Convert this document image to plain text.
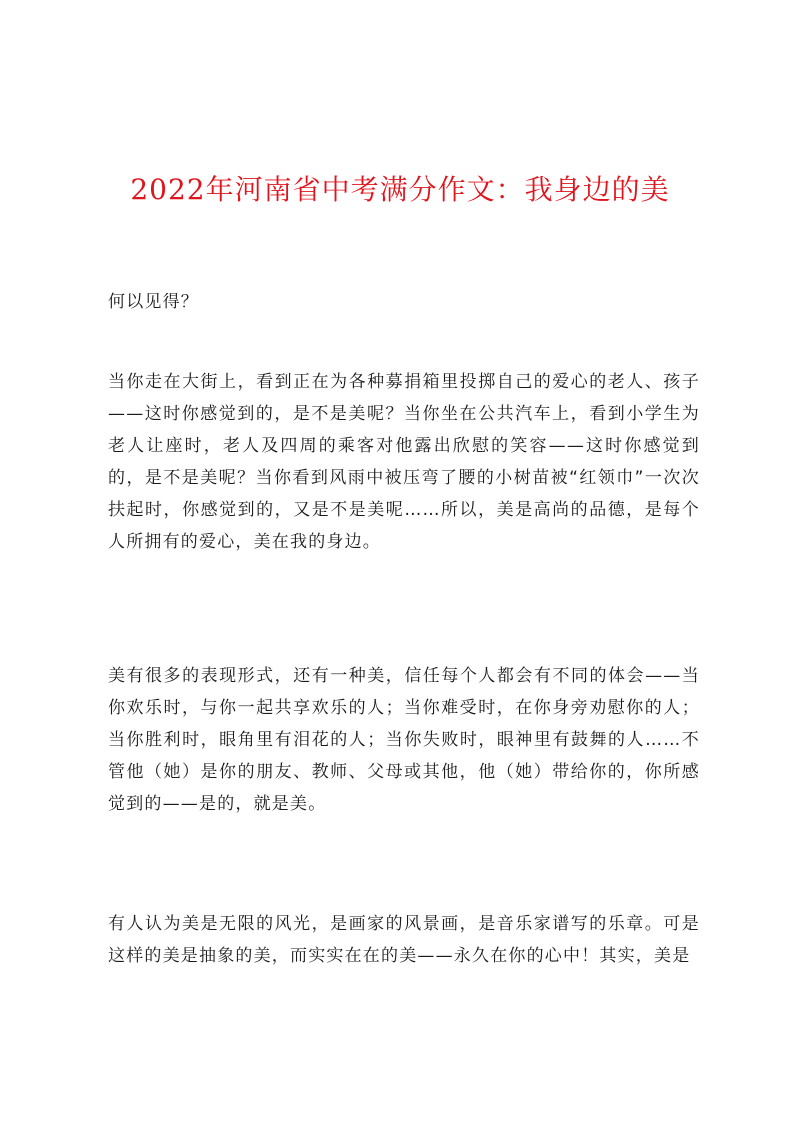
2022年河南省中考满分作文：我身边的美

何以见得？

当你走在大街上，看到正在为各种募捐箱里投掷自己的爱心的老人、孩子——这时你感觉到的，是不是美呢？当你坐在公共汽车上，看到小学生为老人让座时，老人及四周的乘客对他露出欣慰的笑容——这时你感觉到的，是不是美呢？当你看到风雨中被压弯了腰的小树苗被“红领巾”一次次扶起时，你感觉到的，又是不是美呢……所以，美是高尚的品德，是每个人所拥有的爱心，美在我的身边。

美有很多的表现形式，还有一种美，信任每个人都会有不同的体会——当你欢乐时，与你一起共享欢乐的人；当你难受时，在你身旁劝慰你的人；当你胜利时，眼角里有泪花的人；当你失败时，眼神里有鼓舞的人……不管他（她）是你的朋友、教师、父母或其他，他（她）带给你的，你所感觉到的——是的，就是美。

有人认为美是无限的风光，是画家的风景画，是音乐家谱写的乐章。可是这样的美是抽象的美，而实实在在的美——永久在你的心中！其实，美是
